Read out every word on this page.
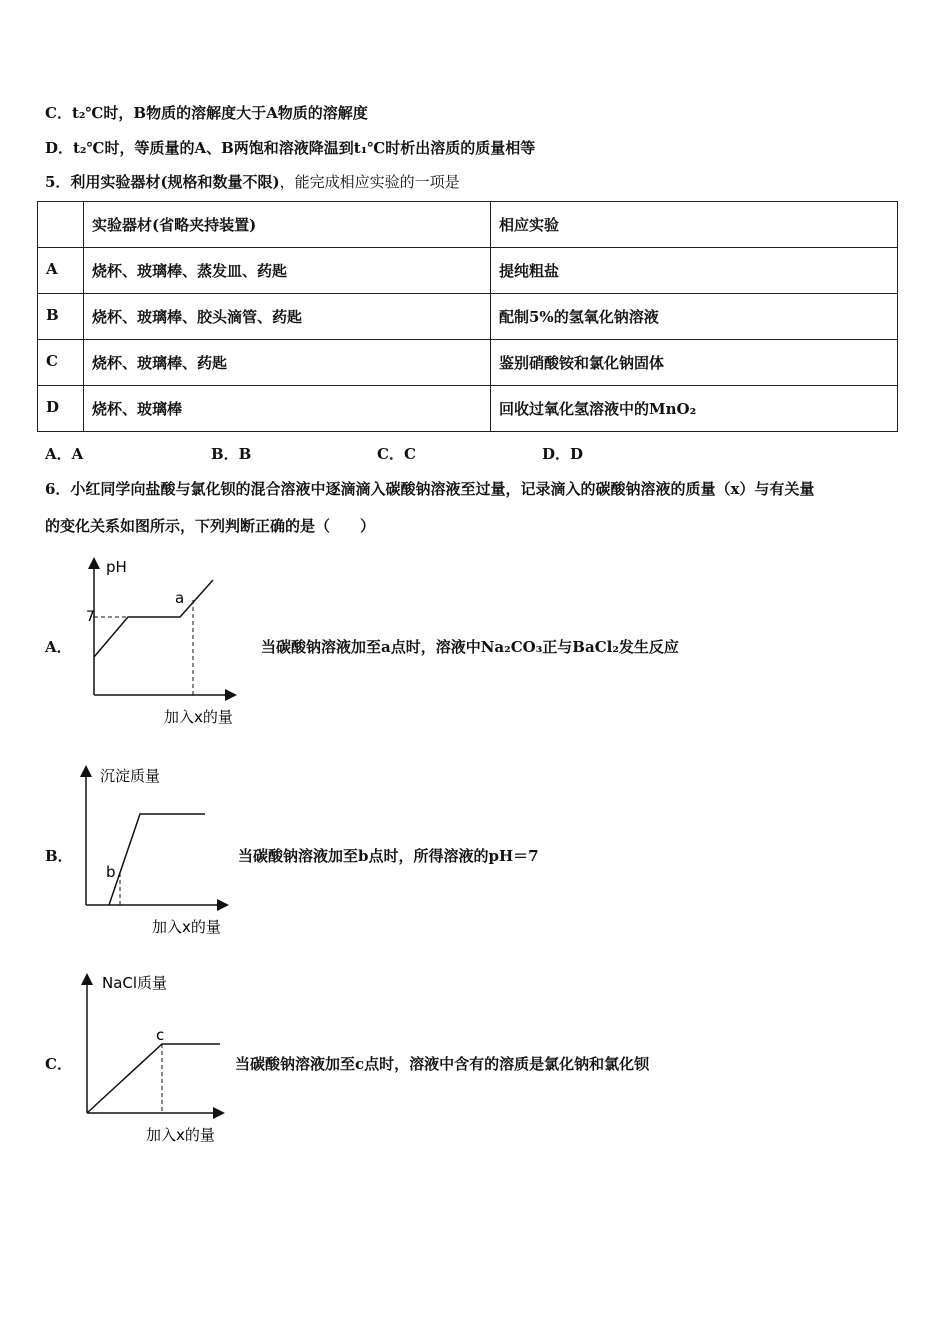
C．t₂℃时，B物质的溶解度大于A物质的溶解度
D．t₂℃时，等质量的A、B两饱和溶液降温到t₁℃时析出溶质的质量相等
5．利用实验器材(规格和数量不限)，能完成相应实验的一项是
	实验器材(省略夹持装置)	相应实验
A	烧杯、玻璃棒、蒸发皿、药匙	提纯粗盐
B	烧杯、玻璃棒、胶头滴管、药匙	配制5%的氢氧化钠溶液
C	烧杯、玻璃棒、药匙	鉴别硝酸铵和氯化钠固体
D	烧杯、玻璃棒	回收过氧化氢溶液中的MnO₂
A．A	B．B	C．C	D．D
6．小红同学向盐酸与氯化钡的混合溶液中逐滴滴入碳酸钠溶液至过量，记录滴入的碳酸钠溶液的质量（x）与有关量
的变化关系如图所示，下列判断正确的是（　　）
A．
pH
7
a
加入x的量
当碳酸钠溶液加至a点时，溶液中Na₂CO₃正与BaCl₂发生反应
B．
沉淀质量
b
加入x的量
当碳酸钠溶液加至b点时，所得溶液的pH＝7
C．
NaCl质量
c
加入x的量
当碳酸钠溶液加至c点时，溶液中含有的溶质是氯化钠和氯化钡
